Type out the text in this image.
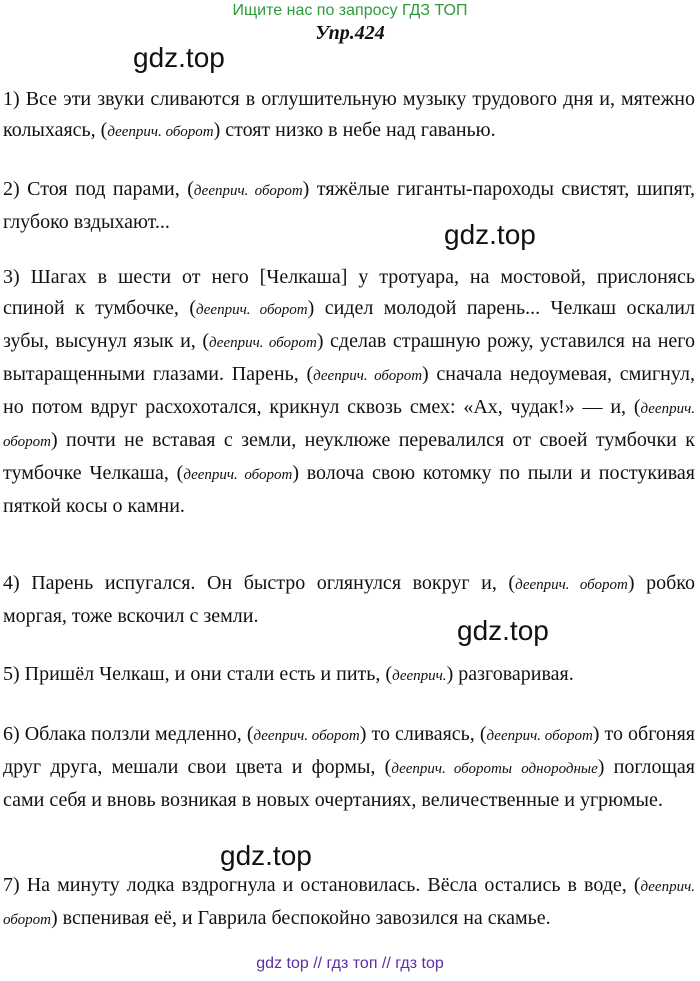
Ищите нас по запросу ГДЗ ТОП
Упр.424
gdz.top
gdz.top
gdz.top
gdz.top
1) Все эти звуки сливаются в оглушительную музыку трудового дня и, мятежно колыхаясь, (дееприч. оборот) стоят низко в небе над гаванью.
2) Стоя под парами, (дееприч. оборот) тяжёлые гиганты-пароходы свистят, шипят, глубоко вздыхают...
3) Шагах в шести от него [Челкаша] у тротуара, на мостовой, прислонясь спиной к тумбочке, (дееприч. оборот) сидел молодой парень... Челкаш оскалил зубы, высунул язык и, (дееприч. оборот) сделав страшную рожу, уставился на него вытаращенными глазами. Парень, (дееприч. оборот) сначала недоумевая, смигнул, но потом вдруг расхохотался, крикнул сквозь смех: «Ах, чудак!» — и, (дееприч. оборот) почти не вставая с земли, неуклюже перевалился от своей тумбочки к тумбочке Челкаша, (дееприч. оборот) волоча свою котомку по пыли и постукивая пяткой косы о камни.
4) Парень испугался. Он быстро оглянулся вокруг и, (дееприч. оборот) робко моргая, тоже вскочил с земли.
5) Пришёл Челкаш, и они стали есть и пить, (дееприч.) разговаривая.
6) Облака ползли медленно, (дееприч. оборот) то сливаясь, (дееприч. оборот) то обгоняя друг друга, мешали свои цвета и формы, (дееприч. обороты однородные) поглощая сами себя и вновь возникая в новых очертаниях, величественные и угрюмые.
7) На минуту лодка вздрогнула и остановилась. Вёсла остались в воде, (дееприч. оборот) вспенивая её, и Гаврила беспокойно завозился на скамье.
gdz top // гдз топ // гдз top
